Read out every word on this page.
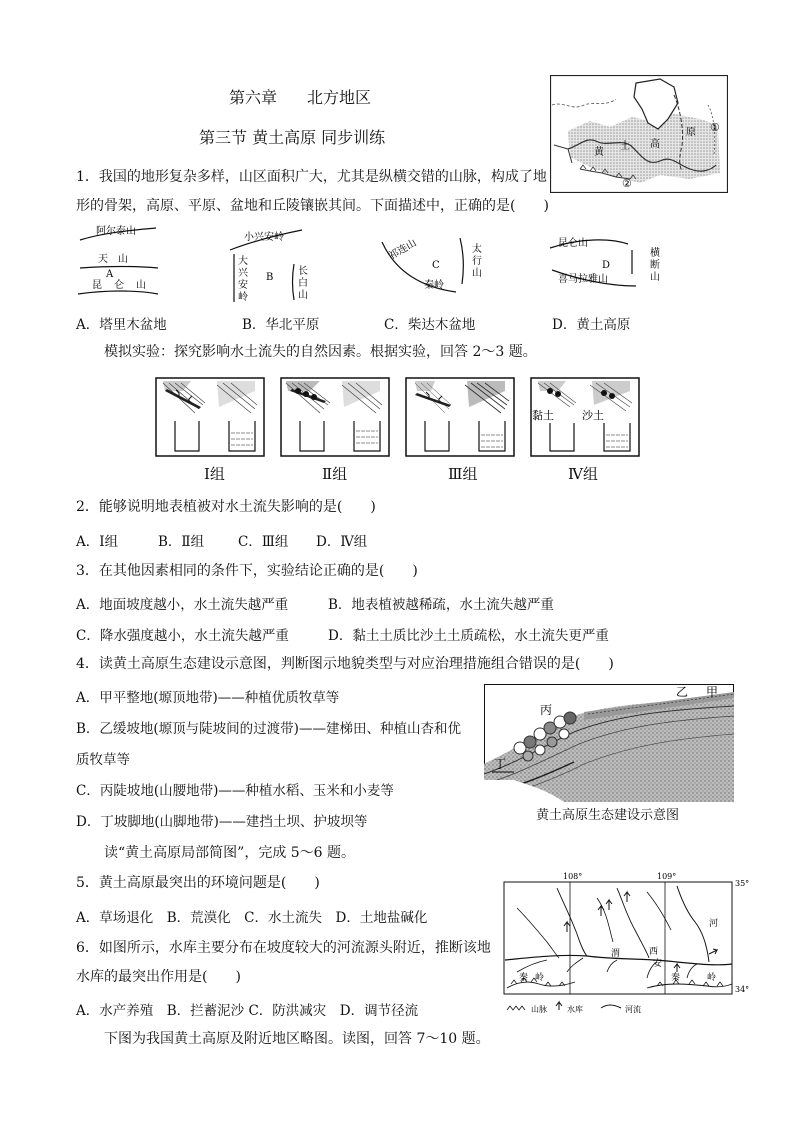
第六章 北方地区
第三节 黄土高原 同步训练
黄
土 高
原 ①
②
1．我国的地形复杂多样，山区面积广大，尤其是纵横交错的山脉，构成了地
形的骨架，高原、平原、盆地和丘陵镶嵌其间。下面描述中，正确的是(　　)
阿尔泰山
天　山
A
昆 仑 山
小兴安岭
大
兴
安
岭
B
长
白
山
祁连山
C
秦岭
太
行
山
昆仑山
D
喜马拉雅山
横
断
山
A．塔里木盆地	B．华北平原	C．柴达木盆地	D．黄土高原
模拟实验：探究影响水土流失的自然因素。根据实验，回答 2～3 题。
黏土	沙土
Ⅰ组	Ⅱ组	Ⅲ组	Ⅳ组
2．能够说明地表植被对水土流失影响的是(　　)
A．Ⅰ组	B．Ⅱ组	C．Ⅲ组 D．Ⅳ组
3．在其他因素相同的条件下，实验结论正确的是(　　)
A．地面坡度越小，水土流失越严重	B．地表植被越稀疏，水土流失越严重
C．降水强度越小，水土流失越严重	D．黏土土质比沙土土质疏松，水土流失更严重
4．读黄土高原生态建设示意图，判断图示地貌类型与对应治理措施组合错误的是(　　)
A．甲平整地(塬顶地带)——种植优质牧草等
B．乙缓坡地(塬顶与陡坡间的过渡带)——建梯田、种植山杏和优
质牧草等
C．丙陡坡地(山腰地带)——种植水稻、玉米和小麦等
D．丁坡脚地(山脚地带)——建挡土坝、护坡坝等
丙
丁
甲
乙
黄土高原生态建设示意图
读“黄土高原局部简图”，完成 5～6 题。
5．黄土高原最突出的环境问题是(　　)
A．草场退化　B．荒漠化　C．水土流失　D．土地盐碱化
6．如图所示，水库主要分布在坡度较大的河流源头附近，推断该地
水库的最突出作用是(　　)
A．水产养殖　B．拦蓄泥沙 C．防洪减灾　D．调节径流
108°	109°
35°
34°
河
渭	西
安
秦 岭	秦	岭
山脉	水库	河流
下图为我国黄土高原及附近地区略图。读图，回答 7～10 题。
